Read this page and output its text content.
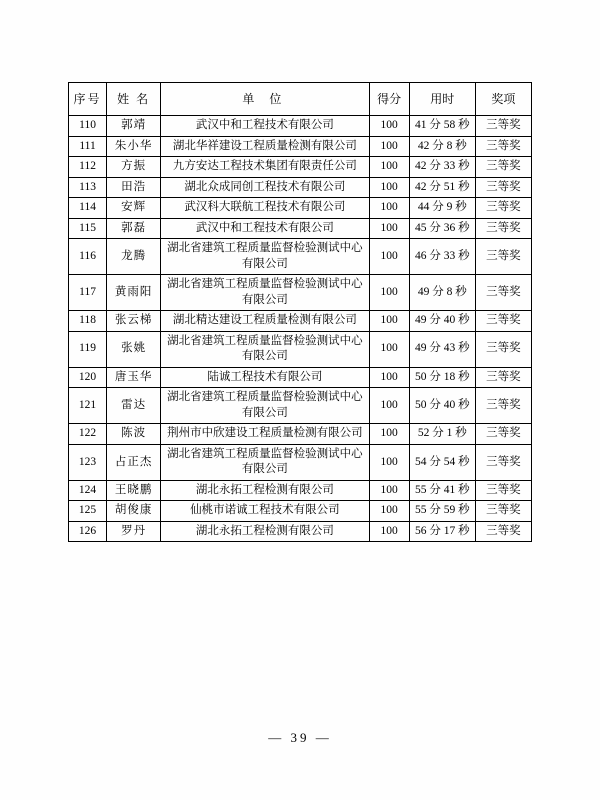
序号	姓 名	单 位	得分	用时	奖项
110	郭靖	武汉中和工程技术有限公司	100	41 分 58 秒	三等奖
111	朱小华	湖北华祥建设工程质量检测有限公司	100	42 分 8 秒	三等奖
112	方振	九方安达工程技术集团有限责任公司	100	42 分 33 秒	三等奖
113	田浩	湖北众成同创工程技术有限公司	100	42 分 51 秒	三等奖
114	安辉	武汉科大联航工程技术有限公司	100	44 分 9 秒	三等奖
115	郭磊	武汉中和工程技术有限公司	100	45 分 36 秒	三等奖
116	龙腾	湖北省建筑工程质量监督检验测试中心有限公司	100	46 分 33 秒	三等奖
117	黄雨阳	湖北省建筑工程质量监督检验测试中心有限公司	100	49 分 8 秒	三等奖
118	张云梯	湖北精达建设工程质量检测有限公司	100	49 分 40 秒	三等奖
119	张姚	湖北省建筑工程质量监督检验测试中心有限公司	100	49 分 43 秒	三等奖
120	唐玉华	陆诚工程技术有限公司	100	50 分 18 秒	三等奖
121	雷达	湖北省建筑工程质量监督检验测试中心有限公司	100	50 分 40 秒	三等奖
122	陈波	荆州市中欣建设工程质量检测有限公司	100	52 分 1 秒	三等奖
123	占正杰	湖北省建筑工程质量监督检验测试中心有限公司	100	54 分 54 秒	三等奖
124	王晓鹏	湖北永拓工程检测有限公司	100	55 分 41 秒	三等奖
125	胡俊康	仙桃市诺诚工程技术有限公司	100	55 分 59 秒	三等奖
126	罗丹	湖北永拓工程检测有限公司	100	56 分 17 秒	三等奖
— 39 —
